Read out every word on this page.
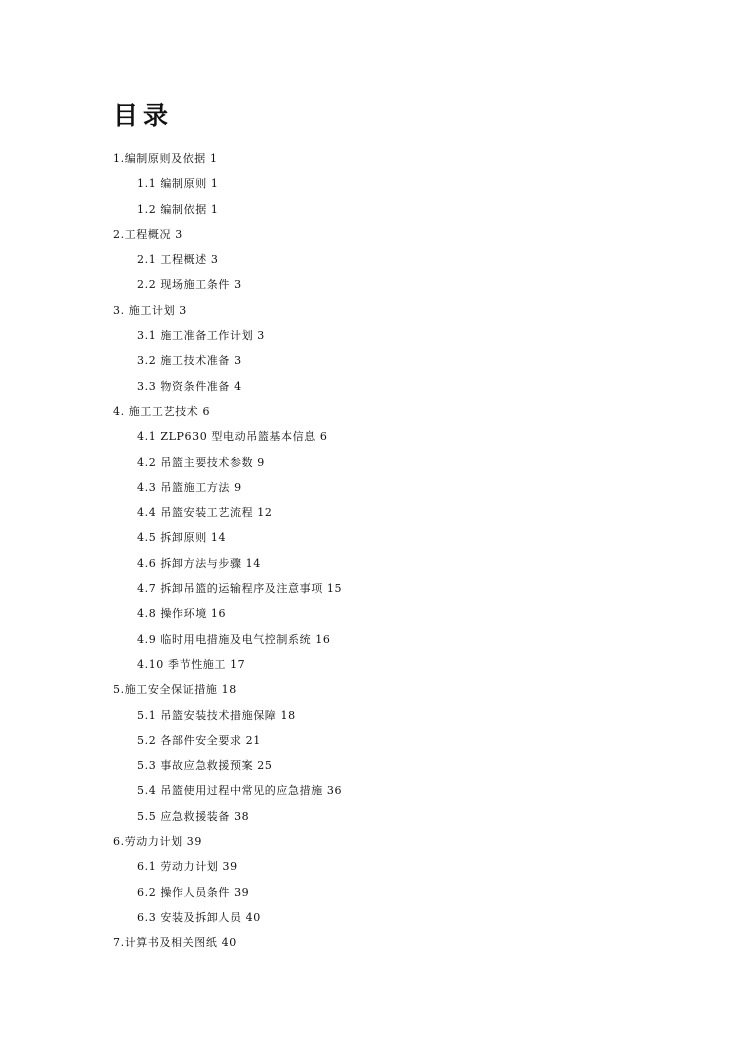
目录
1.编制原则及依据 1
1.1 编制原则 1
1.2 编制依据 1
2.工程概况 3
2.1 工程概述 3
2.2 现场施工条件 3
3. 施工计划 3
3.1 施工准备工作计划 3
3.2 施工技术准备 3
3.3 物资条件准备 4
4. 施工工艺技术 6
4.1 ZLP630 型电动吊篮基本信息 6
4.2 吊篮主要技术参数 9
4.3 吊篮施工方法 9
4.4 吊篮安装工艺流程 12
4.5 拆卸原则 14
4.6 拆卸方法与步骤 14
4.7 拆卸吊篮的运输程序及注意事项 15
4.8 操作环境 16
4.9 临时用电措施及电气控制系统 16
4.10 季节性施工 17
5.施工安全保证措施 18
5.1 吊篮安装技术措施保障 18
5.2 各部件安全要求 21
5.3 事故应急救援预案 25
5.4 吊篮使用过程中常见的应急措施 36
5.5 应急救援装备 38
6.劳动力计划 39
6.1 劳动力计划 39
6.2 操作人员条件 39
6.3 安装及拆卸人员 40
7.计算书及相关图纸 40
